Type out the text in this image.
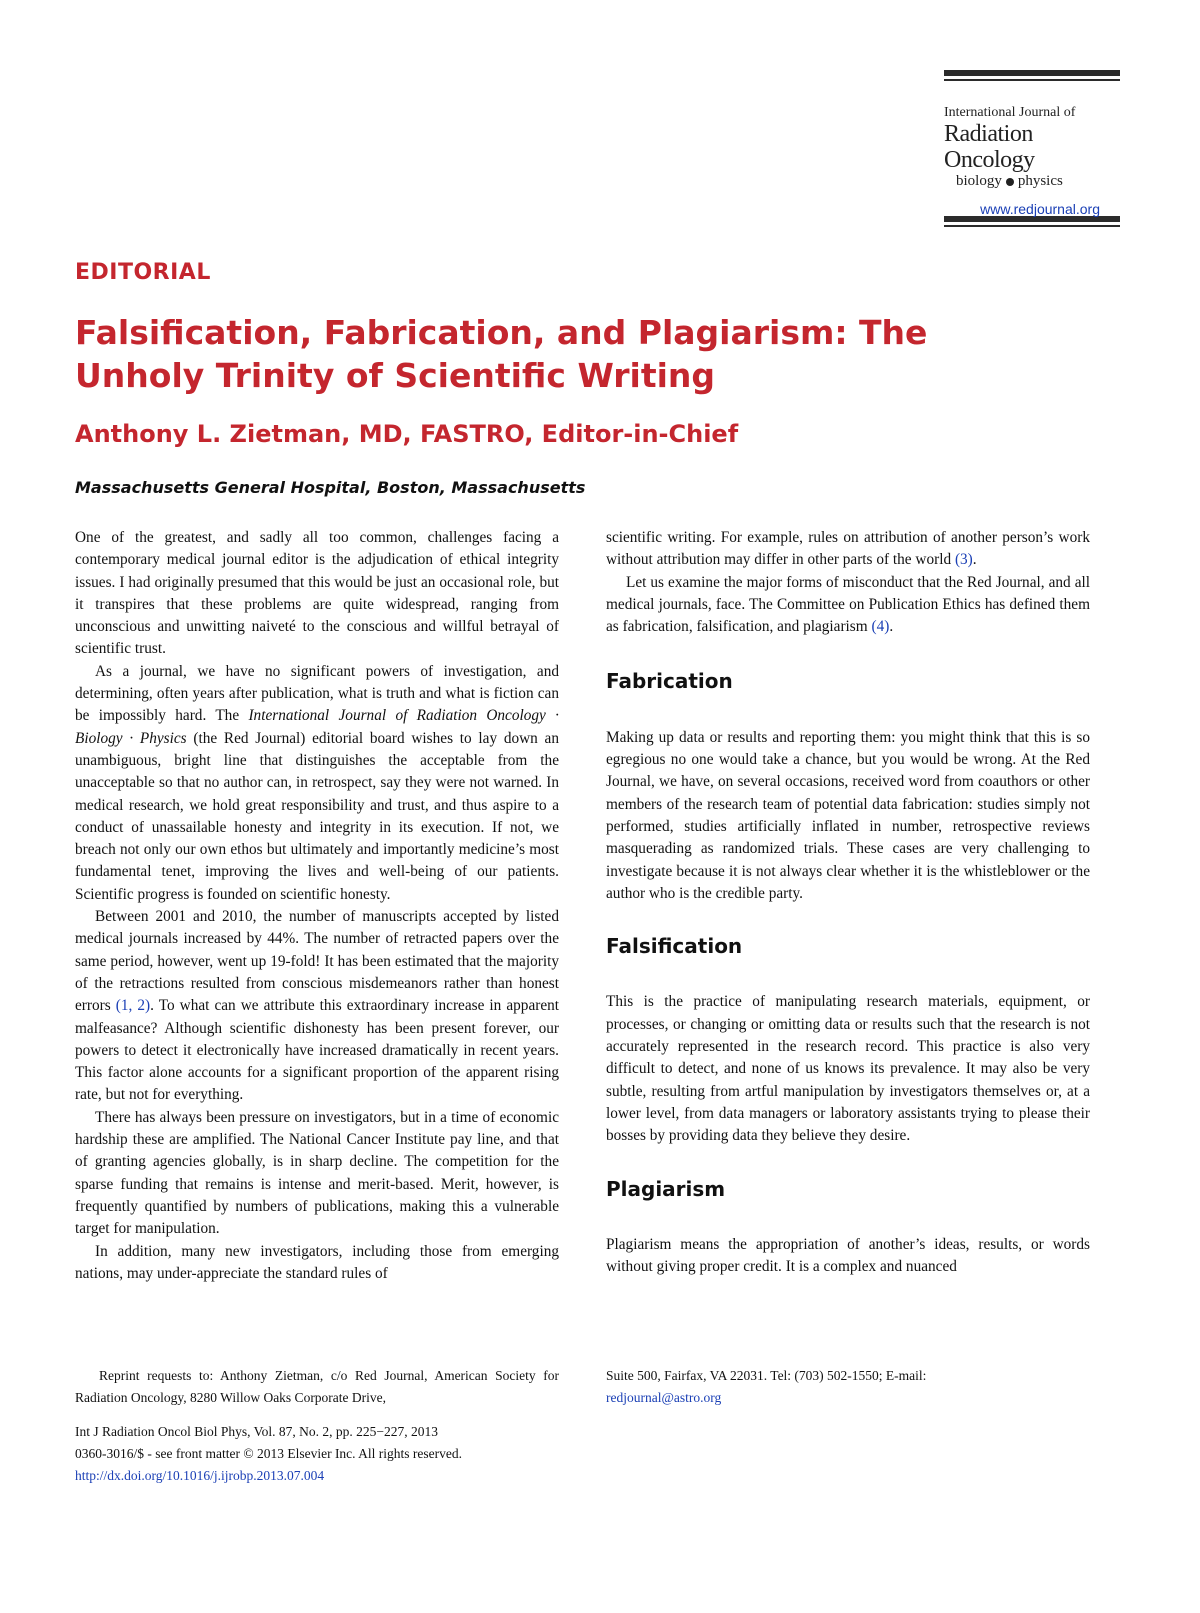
International Journal of
Radiation Oncology
biology physics
www.redjournal.org
EDITORIAL
Falsification, Fabrication, and Plagiarism: The Unholy Trinity of Scientific Writing
Anthony L. Zietman, MD, FASTRO, Editor-in-Chief
Massachusetts General Hospital, Boston, Massachusetts

One of the greatest, and sadly all too common, challenges facing a contemporary medical journal editor is the adjudication of ethical integrity issues. I had originally presumed that this would be just an occasional role, but it transpires that these problems are quite widespread, ranging from unconscious and unwitting naiveté to the conscious and willful betrayal of scientific trust.

As a journal, we have no significant powers of investigation, and determining, often years after publication, what is truth and what is fiction can be impossibly hard. The International Journal of Radiation Oncology · Biology · Physics (the Red Journal) editorial board wishes to lay down an unambiguous, bright line that distinguishes the acceptable from the unacceptable so that no author can, in retrospect, say they were not warned. In medical research, we hold great responsibility and trust, and thus aspire to a conduct of unassailable honesty and integrity in its execution. If not, we breach not only our own ethos but ultimately and importantly medicine’s most fundamental tenet, improving the lives and well-being of our patients. Scientific progress is founded on scientific honesty.

Between 2001 and 2010, the number of manuscripts accepted by listed medical journals increased by 44%. The number of retracted papers over the same period, however, went up 19-fold! It has been estimated that the majority of the retractions resulted from conscious misdemeanors rather than honest errors (1, 2). To what can we attribute this extraordinary increase in apparent malfeasance? Although scientific dishonesty has been present forever, our powers to detect it electronically have increased dramatically in recent years. This factor alone accounts for a significant proportion of the apparent rising rate, but not for everything.

There has always been pressure on investigators, but in a time of economic hardship these are amplified. The National Cancer Institute pay line, and that of granting agencies globally, is in sharp decline. The competition for the sparse funding that remains is intense and merit-based. Merit, however, is frequently quantified by numbers of publications, making this a vulnerable target for manipulation.

In addition, many new investigators, including those from emerging nations, may under-appreciate the standard rules of

scientific writing. For example, rules on attribution of another person’s work without attribution may differ in other parts of the world (3).

Let us examine the major forms of misconduct that the Red Journal, and all medical journals, face. The Committee on Publication Ethics has defined them as fabrication, falsification, and plagiarism (4).

Fabrication

Making up data or results and reporting them: you might think that this is so egregious no one would take a chance, but you would be wrong. At the Red Journal, we have, on several occasions, received word from coauthors or other members of the research team of potential data fabrication: studies simply not performed, studies artificially inflated in number, retrospective reviews masquerading as randomized trials. These cases are very challenging to investigate because it is not always clear whether it is the whistleblower or the author who is the credible party.

Falsification

This is the practice of manipulating research materials, equipment, or processes, or changing or omitting data or results such that the research is not accurately represented in the research record. This practice is also very difficult to detect, and none of us knows its prevalence. It may also be very subtle, resulting from artful manipulation by investigators themselves or, at a lower level, from data managers or laboratory assistants trying to please their bosses by providing data they believe they desire.

Plagiarism

Plagiarism means the appropriation of another’s ideas, results, or words without giving proper credit. It is a complex and nuanced

Reprint requests to: Anthony Zietman, c/o Red Journal, American Society for Radiation Oncology, 8280 Willow Oaks Corporate Drive,
Suite 500, Fairfax, VA 22031. Tel: (703) 502-1550; E-mail:
redjournal@astro.org
Int J Radiation Oncol Biol Phys, Vol. 87, No. 2, pp. 225−227, 2013
0360-3016/$ - see front matter © 2013 Elsevier Inc. All rights reserved.
http://dx.doi.org/10.1016/j.ijrobp.2013.07.004
